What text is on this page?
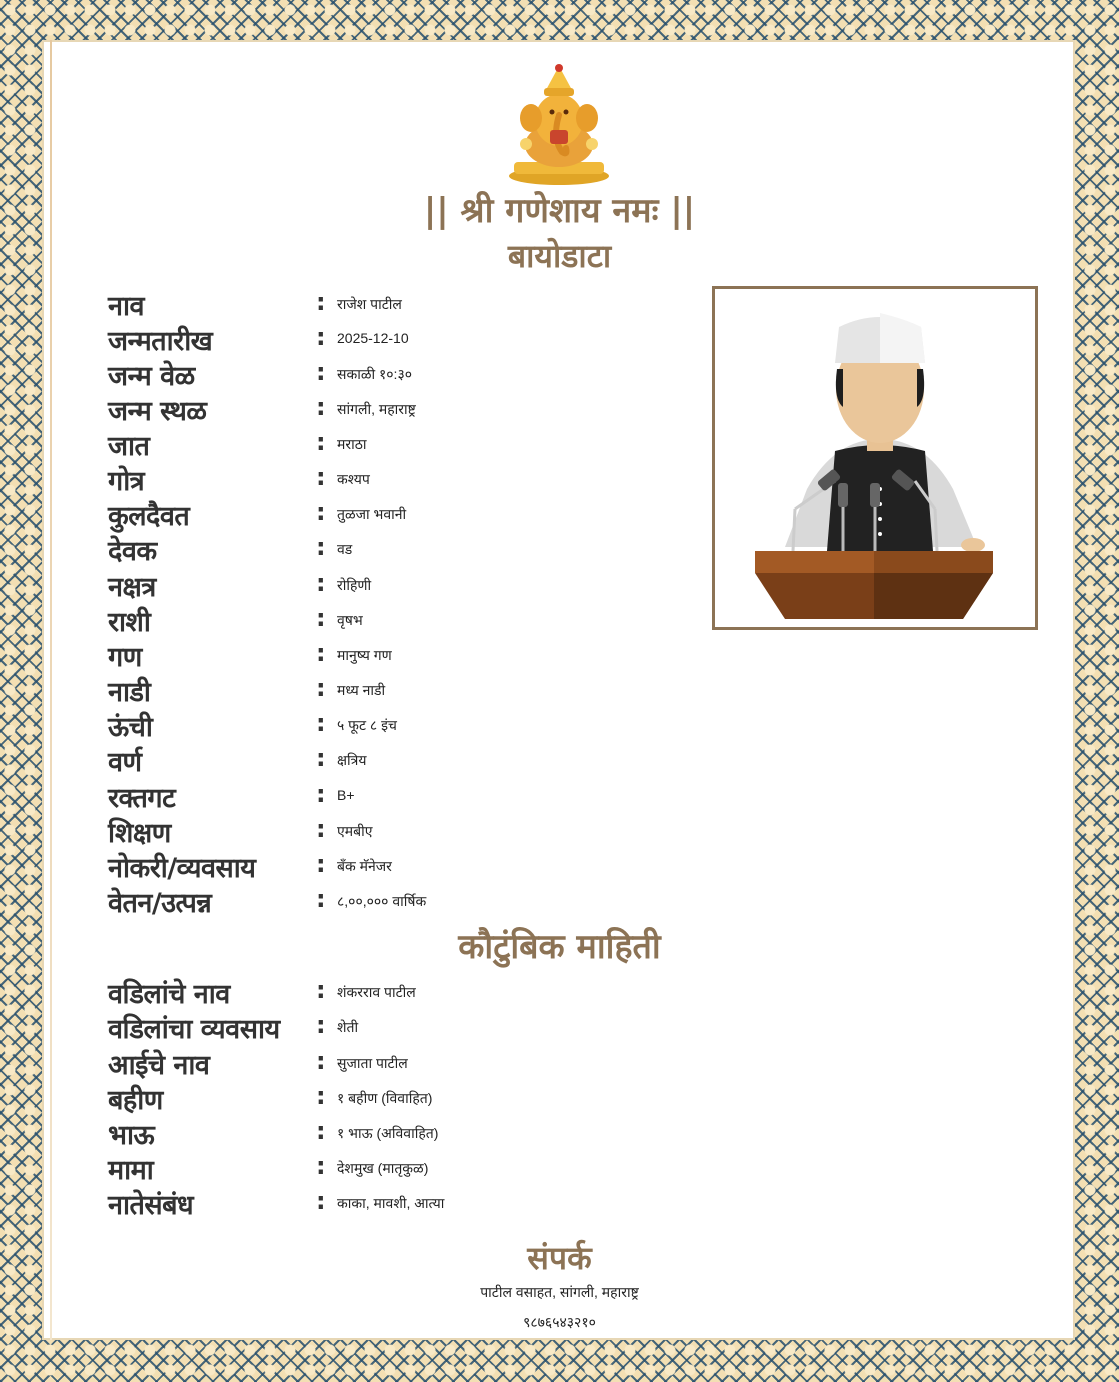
|| श्री गणेशाय नमः ||
बायोडाटा
नाव	: राजेश पाटील
जन्मतारीख	: 2025-12-10
जन्म वेळ	: सकाळी १०:३०
जन्म स्थळ	: सांगली, महाराष्ट्र
जात	: मराठा
गोत्र	: कश्यप
कुलदैवत	: तुळजा भवानी
देवक	: वड
नक्षत्र	: रोहिणी
राशी	: वृषभ
गण	: मानुष्य गण
नाडी	: मध्य नाडी
ऊंची	: ५ फूट ८ इंच
वर्ण	: क्षत्रिय
रक्तगट	: B+
शिक्षण	: एमबीए
नोकरी/व्यवसाय	: बँक मॅनेजर
वेतन/उत्पन्न	: ८,००,००० वार्षिक
कौटुंबिक माहिती
वडिलांचे नाव	: शंकरराव पाटील
वडिलांचा व्यवसाय : शेती
आईचे नाव	: सुजाता पाटील
बहीण	: १ बहीण (विवाहित)
भाऊ	: १ भाऊ (अविवाहित)
मामा	: देशमुख (मातृकुळ)
नातेसंबंध	: काका, मावशी, आत्या
संपर्क
पाटील वसाहत, सांगली, महाराष्ट्र
९८७६५४३२१०
